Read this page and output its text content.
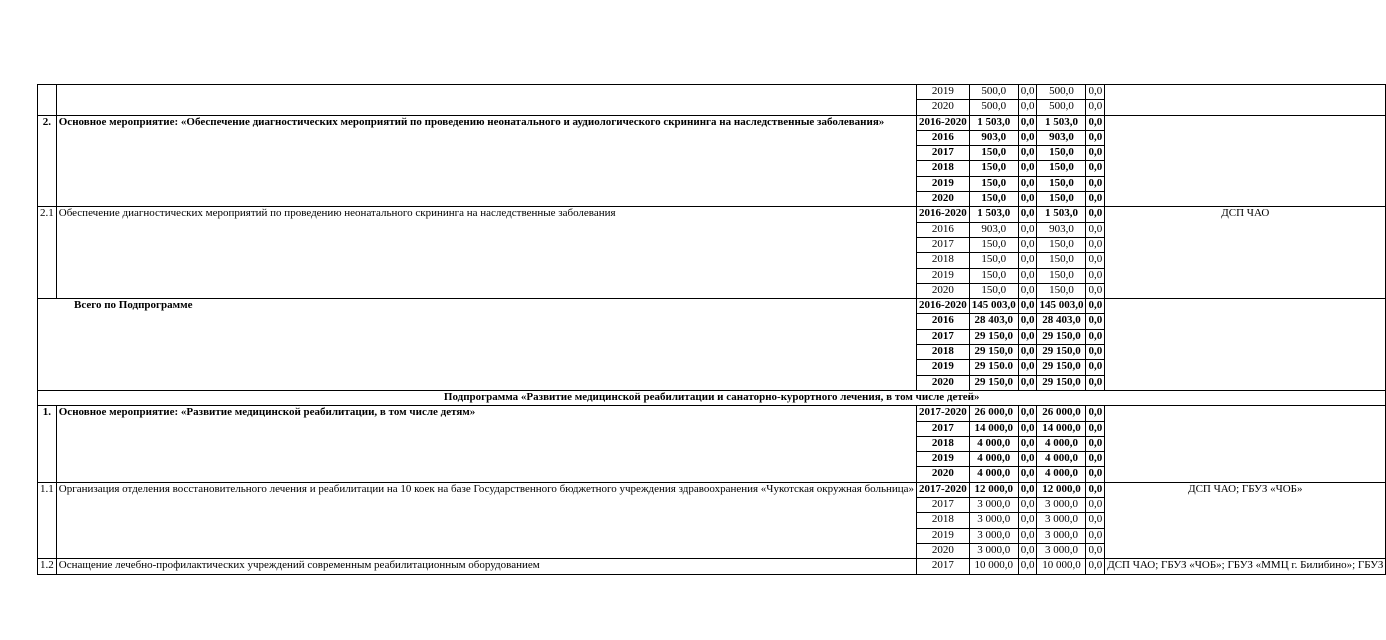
		2019	500,0	0,0	500,0	0,0	
		2020	500,0	0,0	500,0	0,0	
2.	Основное мероприятие: «Обеспечение диагностических мероприятий по проведению неонатального и аудиологического скрининга на наследственные заболевания»	2016-2020	1 503,0	0,0	1 503,0	0,0	
		2016	903,0	0,0	903,0	0,0	
		2017	150,0	0,0	150,0	0,0	
		2018	150,0	0,0	150,0	0,0	
		2019	150,0	0,0	150,0	0,0	
		2020	150,0	0,0	150,0	0,0	
2.1	Обеспечение диагностических мероприятий по проведению неонатального скрининга на наследственные заболевания	2016-2020	1 503,0	0,0	1 503,0	0,0	ДСП ЧАО
		2016	903,0	0,0	903,0	0,0	
		2017	150,0	0,0	150,0	0,0	
		2018	150,0	0,0	150,0	0,0	
		2019	150,0	0,0	150,0	0,0	
		2020	150,0	0,0	150,0	0,0	
Всего по Подпрограмме		2016-2020	145 003,0	0,0	145 003,0	0,0	
		2016	28 403,0	0,0	28 403,0	0,0	
		2017	29 150,0	0,0	29 150,0	0,0	
		2018	29 150,0	0,0	29 150,0	0,0	
		2019	29 150.0	0,0	29 150,0	0,0	
		2020	29 150,0	0,0	29 150,0	0,0	
Подпрограмма «Развитие медицинской реабилитации и санаторно-курортного лечения, в том числе детей»							
1.	Основное мероприятие: «Развитие медицинской реабилитации, в том числе детям»	2017-2020	26 000,0	0,0	26 000,0	0,0	
		2017	14 000,0	0,0	14 000,0	0,0	
		2018	4 000,0	0,0	4 000,0	0,0	
		2019	4 000,0	0,0	4 000,0	0,0	
		2020	4 000,0	0,0	4 000,0	0,0	
1.1	Организация отделения восстановительного лечения и реабилитации на 10 коек на базе Государственного бюджетного учреждения здравоохранения «Чукотская окружная больница»	2017-2020	12 000,0	0,0	12 000,0	0,0	ДСП ЧАО; ГБУЗ «ЧОБ»
		2017	3 000,0	0,0	3 000,0	0,0	
		2018	3 000,0	0,0	3 000,0	0,0	
		2019	3 000,0	0,0	3 000,0	0,0	
		2020	3 000,0	0,0	3 000,0	0,0	
1.2	Оснащение лечебно-профилактических учреждений современным реабилитационным оборудованием	2017	10 000,0	0,0	10 000,0	0,0	ДСП ЧАО; ГБУЗ «ЧОБ»; ГБУЗ «ММЦ г. Билибино»; ГБУЗ
